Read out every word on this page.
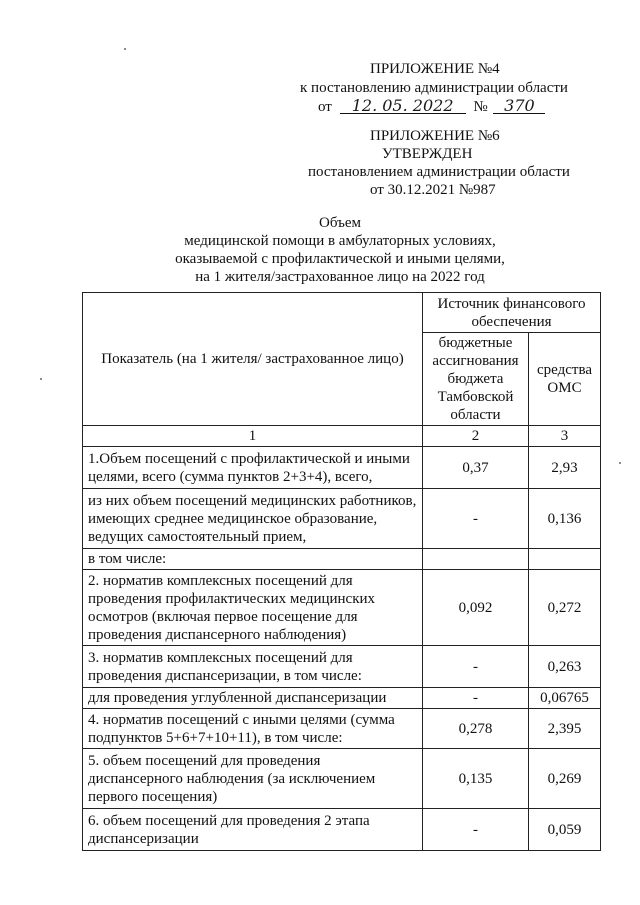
ПРИЛОЖЕНИЕ №4
к постановлению администрации области
от 12. 05. 2022 № 370
ПРИЛОЖЕНИЕ №6
УТВЕРЖДЕН
постановлением администрации области
от 30.12.2021 №987
Объем
медицинской помощи в амбулаторных условиях,
оказываемой с профилактической и иными целями,
на 1 жителя/застрахованное лицо на 2022 год
Показатель (на 1 жителя/ застрахованное лицо)	Источник финансового обеспечения	
	бюджетные ассигнования бюджета Тамбовской области	средства ОМС
1	2	3
1.Объем посещений с профилактической и иными целями, всего (сумма пунктов 2+3+4), всего,	0,37	2,93
из них объем посещений медицинских работников, имеющих среднее медицинское образование, ведущих самостоятельный прием,	-	0,136
в том числе:		
2. норматив комплексных посещений для проведения профилактических медицинских осмотров (включая первое посещение для проведения диспансерного наблюдения)	0,092	0,272
3. норматив комплексных посещений для проведения диспансеризации, в том числе:	-	0,263
для проведения углубленной диспансеризации	-	0,06765
4. норматив посещений с иными целями (сумма подпунктов 5+6+7+10+11), в том числе:	0,278	2,395
5. объем посещений для проведения диспансерного наблюдения (за исключением первого посещения)	0,135	0,269
6. объем посещений для проведения 2 этапа диспансеризации	-	0,059
